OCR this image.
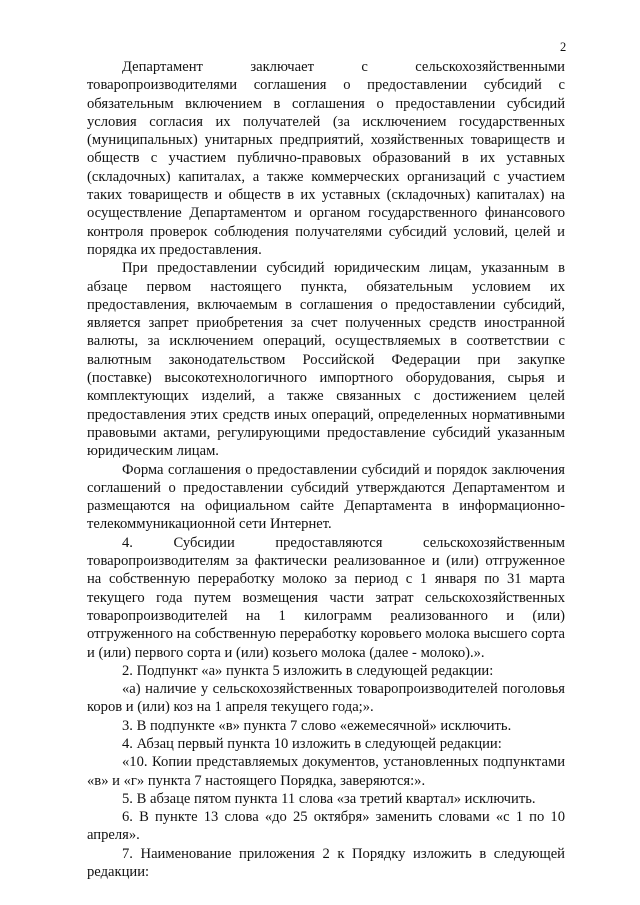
2

Департамент заключает с сельскохозяйственными товаропроизводителями соглашения о предоставлении субсидий с обязательным включением в соглашения о предоставлении субсидий условия согласия их получателей (за исключением государственных (муниципальных) унитарных предприятий, хозяйственных товариществ и обществ с участием публично-правовых образований в их уставных (складочных) капиталах, а также коммерческих организаций с участием таких товариществ и обществ в их уставных (складочных) капиталах) на осуществление Департаментом и органом государственного финансового контроля проверок соблюдения получателями субсидий условий, целей и порядка их предоставления.

При предоставлении субсидий юридическим лицам, указанным в абзаце первом настоящего пункта, обязательным условием их предоставления, включаемым в соглашения о предоставлении субсидий, является запрет приобретения за счет полученных средств иностранной валюты, за исключением операций, осуществляемых в соответствии с валютным законодательством Российской Федерации при закупке (поставке) высокотехнологичного импортного оборудования, сырья и комплектующих изделий, а также связанных с достижением целей предоставления этих средств иных операций, определенных нормативными правовыми актами, регулирующими предоставление субсидий указанным юридическим лицам.

Форма соглашения о предоставлении субсидий и порядок заключения соглашений о предоставлении субсидий утверждаются Департаментом и размещаются на официальном сайте Департамента в информационно-телекоммуникационной сети Интернет.

4. Субсидии предоставляются сельскохозяйственным товаропроизводителям за фактически реализованное и (или) отгруженное на собственную переработку молоко за период с 1 января по 31 марта текущего года путем возмещения части затрат сельскохозяйственных товаропроизводителей на 1 килограмм реализованного и (или) отгруженного на собственную переработку коровьего молока высшего сорта и (или) первого сорта и (или) козьего молока (далее - молоко).».

2. Подпункт «а» пункта 5 изложить в следующей редакции:

«а) наличие у сельскохозяйственных товаропроизводителей поголовья коров и (или) коз на 1 апреля текущего года;».

3. В подпункте «в» пункта 7 слово «ежемесячной» исключить.

4. Абзац первый пункта 10 изложить в следующей редакции:

«10. Копии представляемых документов, установленных подпунктами «в» и «г» пункта 7 настоящего Порядка, заверяются:».

5. В абзаце пятом пункта 11 слова «за третий квартал» исключить.

6. В пункте 13 слова «до 25 октября» заменить словами «с 1 по 10 апреля».

7. Наименование приложения 2 к Порядку изложить в следующей редакции:
